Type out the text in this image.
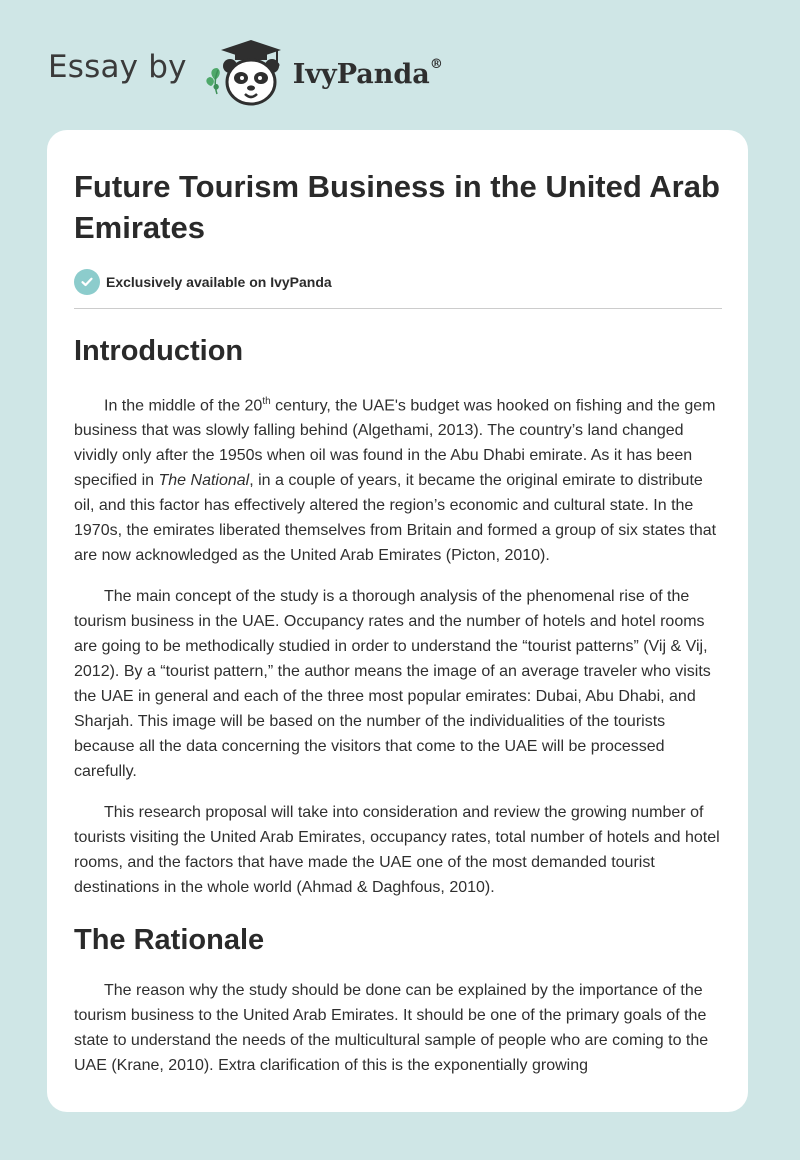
Essay by	IvyPanda®
Future Tourism Business in the United Arab Emirates
Exclusively available on IvyPanda
Introduction

In the middle of the 20th century, the UAE's budget was hooked on fishing and the gem business that was slowly falling behind (Algethami, 2013). The country’s land changed vividly only after the 1950s when oil was found in the Abu Dhabi emirate. As it has been specified in The National, in a couple of years, it became the original emirate to distribute oil, and this factor has effectively altered the region’s economic and cultural state. In the 1970s, the emirates liberated themselves from Britain and formed a group of six states that are now acknowledged as the United Arab Emirates (Picton, 2010).

The main concept of the study is a thorough analysis of the phenomenal rise of the tourism business in the UAE. Occupancy rates and the number of hotels and hotel rooms are going to be methodically studied in order to understand the “tourist patterns” (Vij & Vij, 2012). By a “tourist pattern,” the author means the image of an average traveler who visits the UAE in general and each of the three most popular emirates: Dubai, Abu Dhabi, and Sharjah. This image will be based on the number of the individualities of the tourists because all the data concerning the visitors that come to the UAE will be processed carefully.

This research proposal will take into consideration and review the growing number of tourists visiting the United Arab Emirates, occupancy rates, total number of hotels and hotel rooms, and the factors that have made the UAE one of the most demanded tourist destinations in the whole world (Ahmad & Daghfous, 2010).

The Rationale

The reason why the study should be done can be explained by the importance of the tourism business to the United Arab Emirates. It should be one of the primary goals of the state to understand the needs of the multicultural sample of people who are coming to the UAE (Krane, 2010). Extra clarification of this is the exponentially growing
